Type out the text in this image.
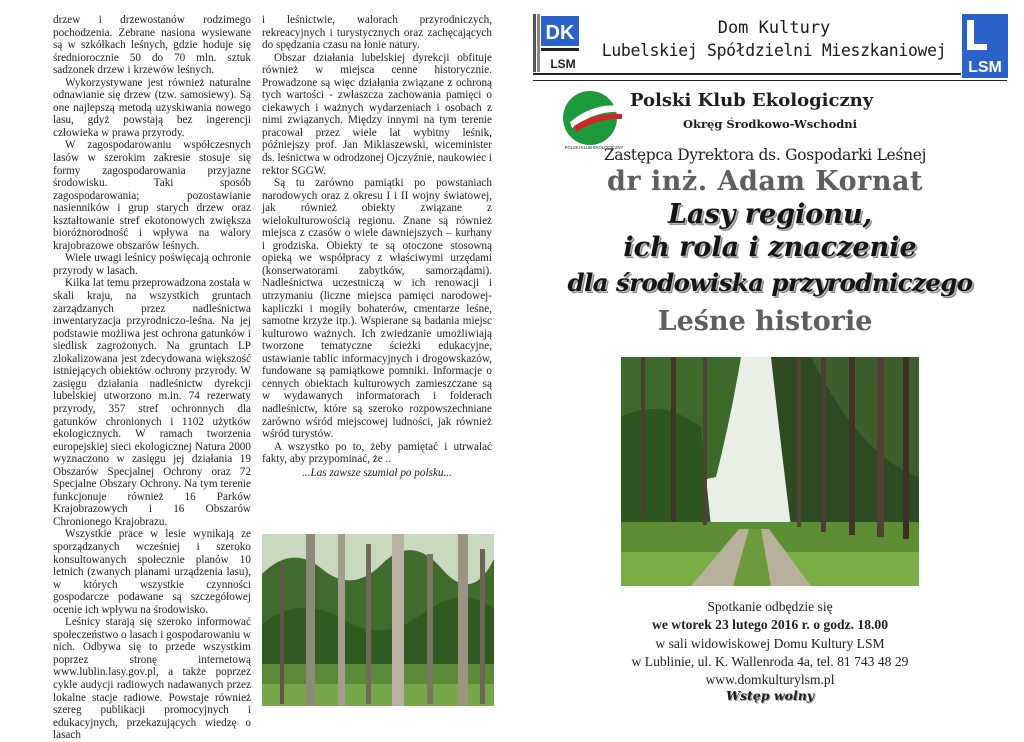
drzew i drzewostanów rodzimego pochodzenia. Zebrane nasiona wysiewane są w szkółkach leśnych, gdzie hoduje się średniorocznie 50 do 70 mln. sztuk sadzonek drzew i krzewów leśnych.

Wykorzystywane jest również naturalne odnawianie się drzew (tzw. samosiewy). Są one najlepszą metodą uzyskiwania nowego lasu, gdyż powstają bez ingerencji człowieka w prawa przyrody.

W zagospodarowaniu współczesnych lasów w szerokim zakresie stosuje się formy zagospodarowania przyjazne środowisku. Taki sposób zagospodarowania; pozostawianie nasienników i grup starych drzew oraz kształtowanie stref ekotonowych zwiększa bioróżnorodność i wpływa na walory krajobrazowe obszarów leśnych.

Wiele uwagi leśnicy poświęcają ochronie przyrody w lasach.

Kilka lat temu przeprowadzona została w skali kraju, na wszystkich gruntach zarządzanych przez nadleśnictwa inwentaryzacja przyrodniczo-leśna. Na jej podstawie możliwa jest ochrona gatunków i siedlisk zagrożonych. Na gruntach LP zlokalizowana jest zdecydowana większość istniejących obiektów ochrony przyrody. W zasięgu działania nadleśnictw dyrekcji lubelskiej utworzono m.in. 74 rezerwaty przyrody, 357 stref ochronnych dla gatunków chronionych i 1102 użytków ekologicznych. W ramach tworzenia europejskiej sieci ekologicznej Natura 2000 wyznaczono w zasięgu jej działania 19 Obszarów Specjalnej Ochrony oraz 72 Specjalne Obszary Ochrony. Na tym terenie funkcjonuje również 16 Parków Krajobrazowych i 16 Obszarów Chronionego Krajobrazu.

Wszystkie prace w lesie wynikają ze sporządzanych wcześniej i szeroko konsultowanych społecznie planów 10 letnich (zwanych planami urządzenia lasu), w których wszystkie czynności gospodarcze podawane są szczegółowej ocenie ich wpływu na środowisko.

Leśnicy starają się szeroko informować społeczeństwo o lasach i gospodarowaniu w nich. Odbywa się to przede wszystkim poprzez stronę internetową www.lublin.lasy.gov.pl, a także poprzez cykle audycji radiowych nadawanych przez lokalne stacje radiowe. Powstaje również szereg publikacji promocyjnych i edukacyjnych, przekazujących wiedzę o lasach

i leśnictwie, walorach przyrodniczych, rekreacyjnych i turystycznych oraz zachęcających do spędzania czasu na łonie natury.

Obszar działania lubelskiej dyrekcji obfituje również w miejsca cenne historycznie. Prowadzone są więc działania związane z ochroną tych wartości - zwłaszcza zachowania pamięci o ciekawych i ważnych wydarzeniach i osobach z nimi związanych. Między innymi na tym terenie pracował przez wiele lat wybitny leśnik, późniejszy prof. Jan Miklaszewski, wiceminister ds. leśnictwa w odrodzonej Ojczyźnie, naukowiec i rektor SGGW.

Są tu zarówno pamiątki po powstaniach narodowych oraz z okresu I i II wojny światowej, jak również obiekty związane z wielokulturowością regionu. Znane są również miejsca z czasów o wiele dawniejszych – kurhany i grodziska. Obiekty te są otoczone stosowną opieką we współpracy z właściwymi urzędami (konserwatorami zabytków, samorządami). Nadleśnictwa uczestniczą w ich renowacji i utrzymaniu (liczne miejsca pamięci narodowej- kapliczki i mogiły bohaterów, cmentarze leśne, samotne krzyże itp.). Wspierane są badania miejsc kulturowo ważnych. Ich zwiedzanie umożliwiają tworzone tematyczne ścieżki edukacyjne, ustawianie tablic informacyjnych i drogowskazów, fundowane są pamiątkowe pomniki. Informacje o cennych obiektach kulturowych zamieszczane są w wydawanych informatorach i folderach nadleśnictw, które są szeroko rozpowszechniane zarówno wśród miejscowej ludności, jak również wśród turystów.

A wszystko po to, żeby pamiętać i utrwalać fakty, aby przypominać, że ..

...Las zawsze szumiał po polsku...
DK
LSM
Dom Kultury
Lubelskiej Spółdzielni Mieszkaniowej
LSM
POLSKI KLUB EKOLOGICZNY
Polski Klub Ekologiczny
Okręg Środkowo-Wschodni
Zastępca Dyrektora ds. Gospodarki Leśnej
dr inż. Adam Kornat
Lasy regionu,
ich rola i znaczenie
dla środowiska przyrodniczego
Leśne historie
Spotkanie odbędzie się
we wtorek 23 lutego 2016 r. o godz. 18.00
w sali widowiskowej Domu Kultury LSM
w Lublinie, ul. K. Wallenroda 4a, tel. 81 743 48 29
www.domkulturylsm.pl
Wstęp wolny
